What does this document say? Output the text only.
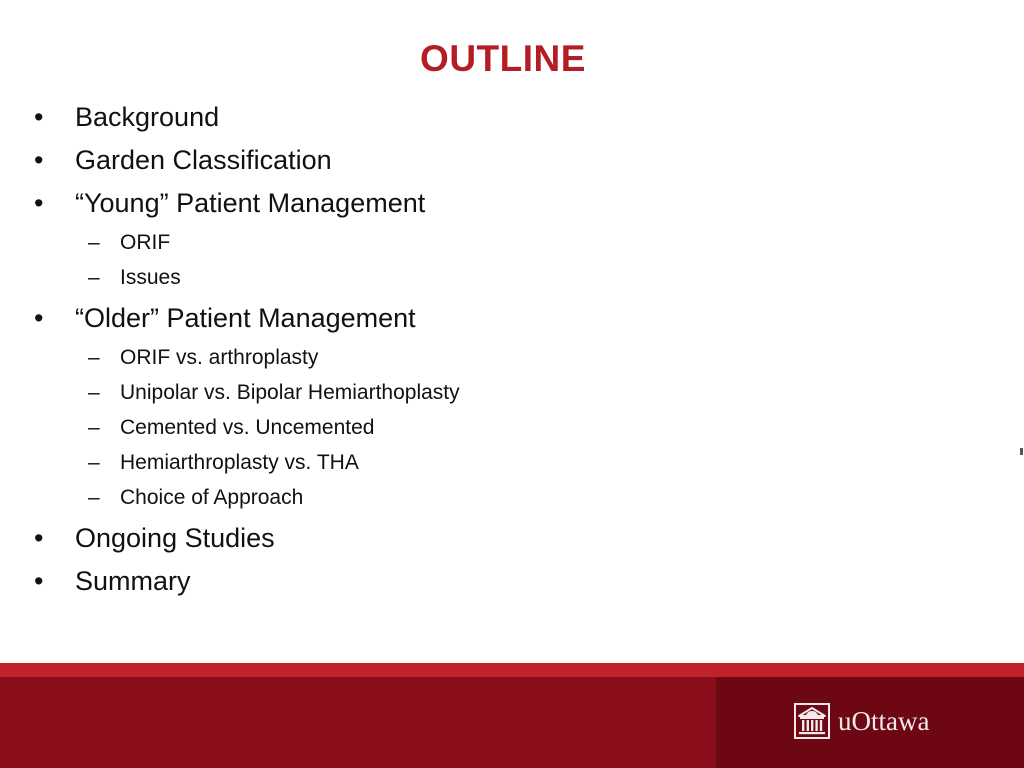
OUTLINE
• Background
• Garden Classification
• “Young” Patient Management
– ORIF
– Issues
• “Older” Patient Management
– ORIF vs. arthroplasty
– Unipolar vs. Bipolar Hemiarthoplasty
– Cemented vs. Uncemented
– Hemiarthroplasty vs. THA
– Choice of Approach
• Ongoing Studies
• Summary
uOttawa
